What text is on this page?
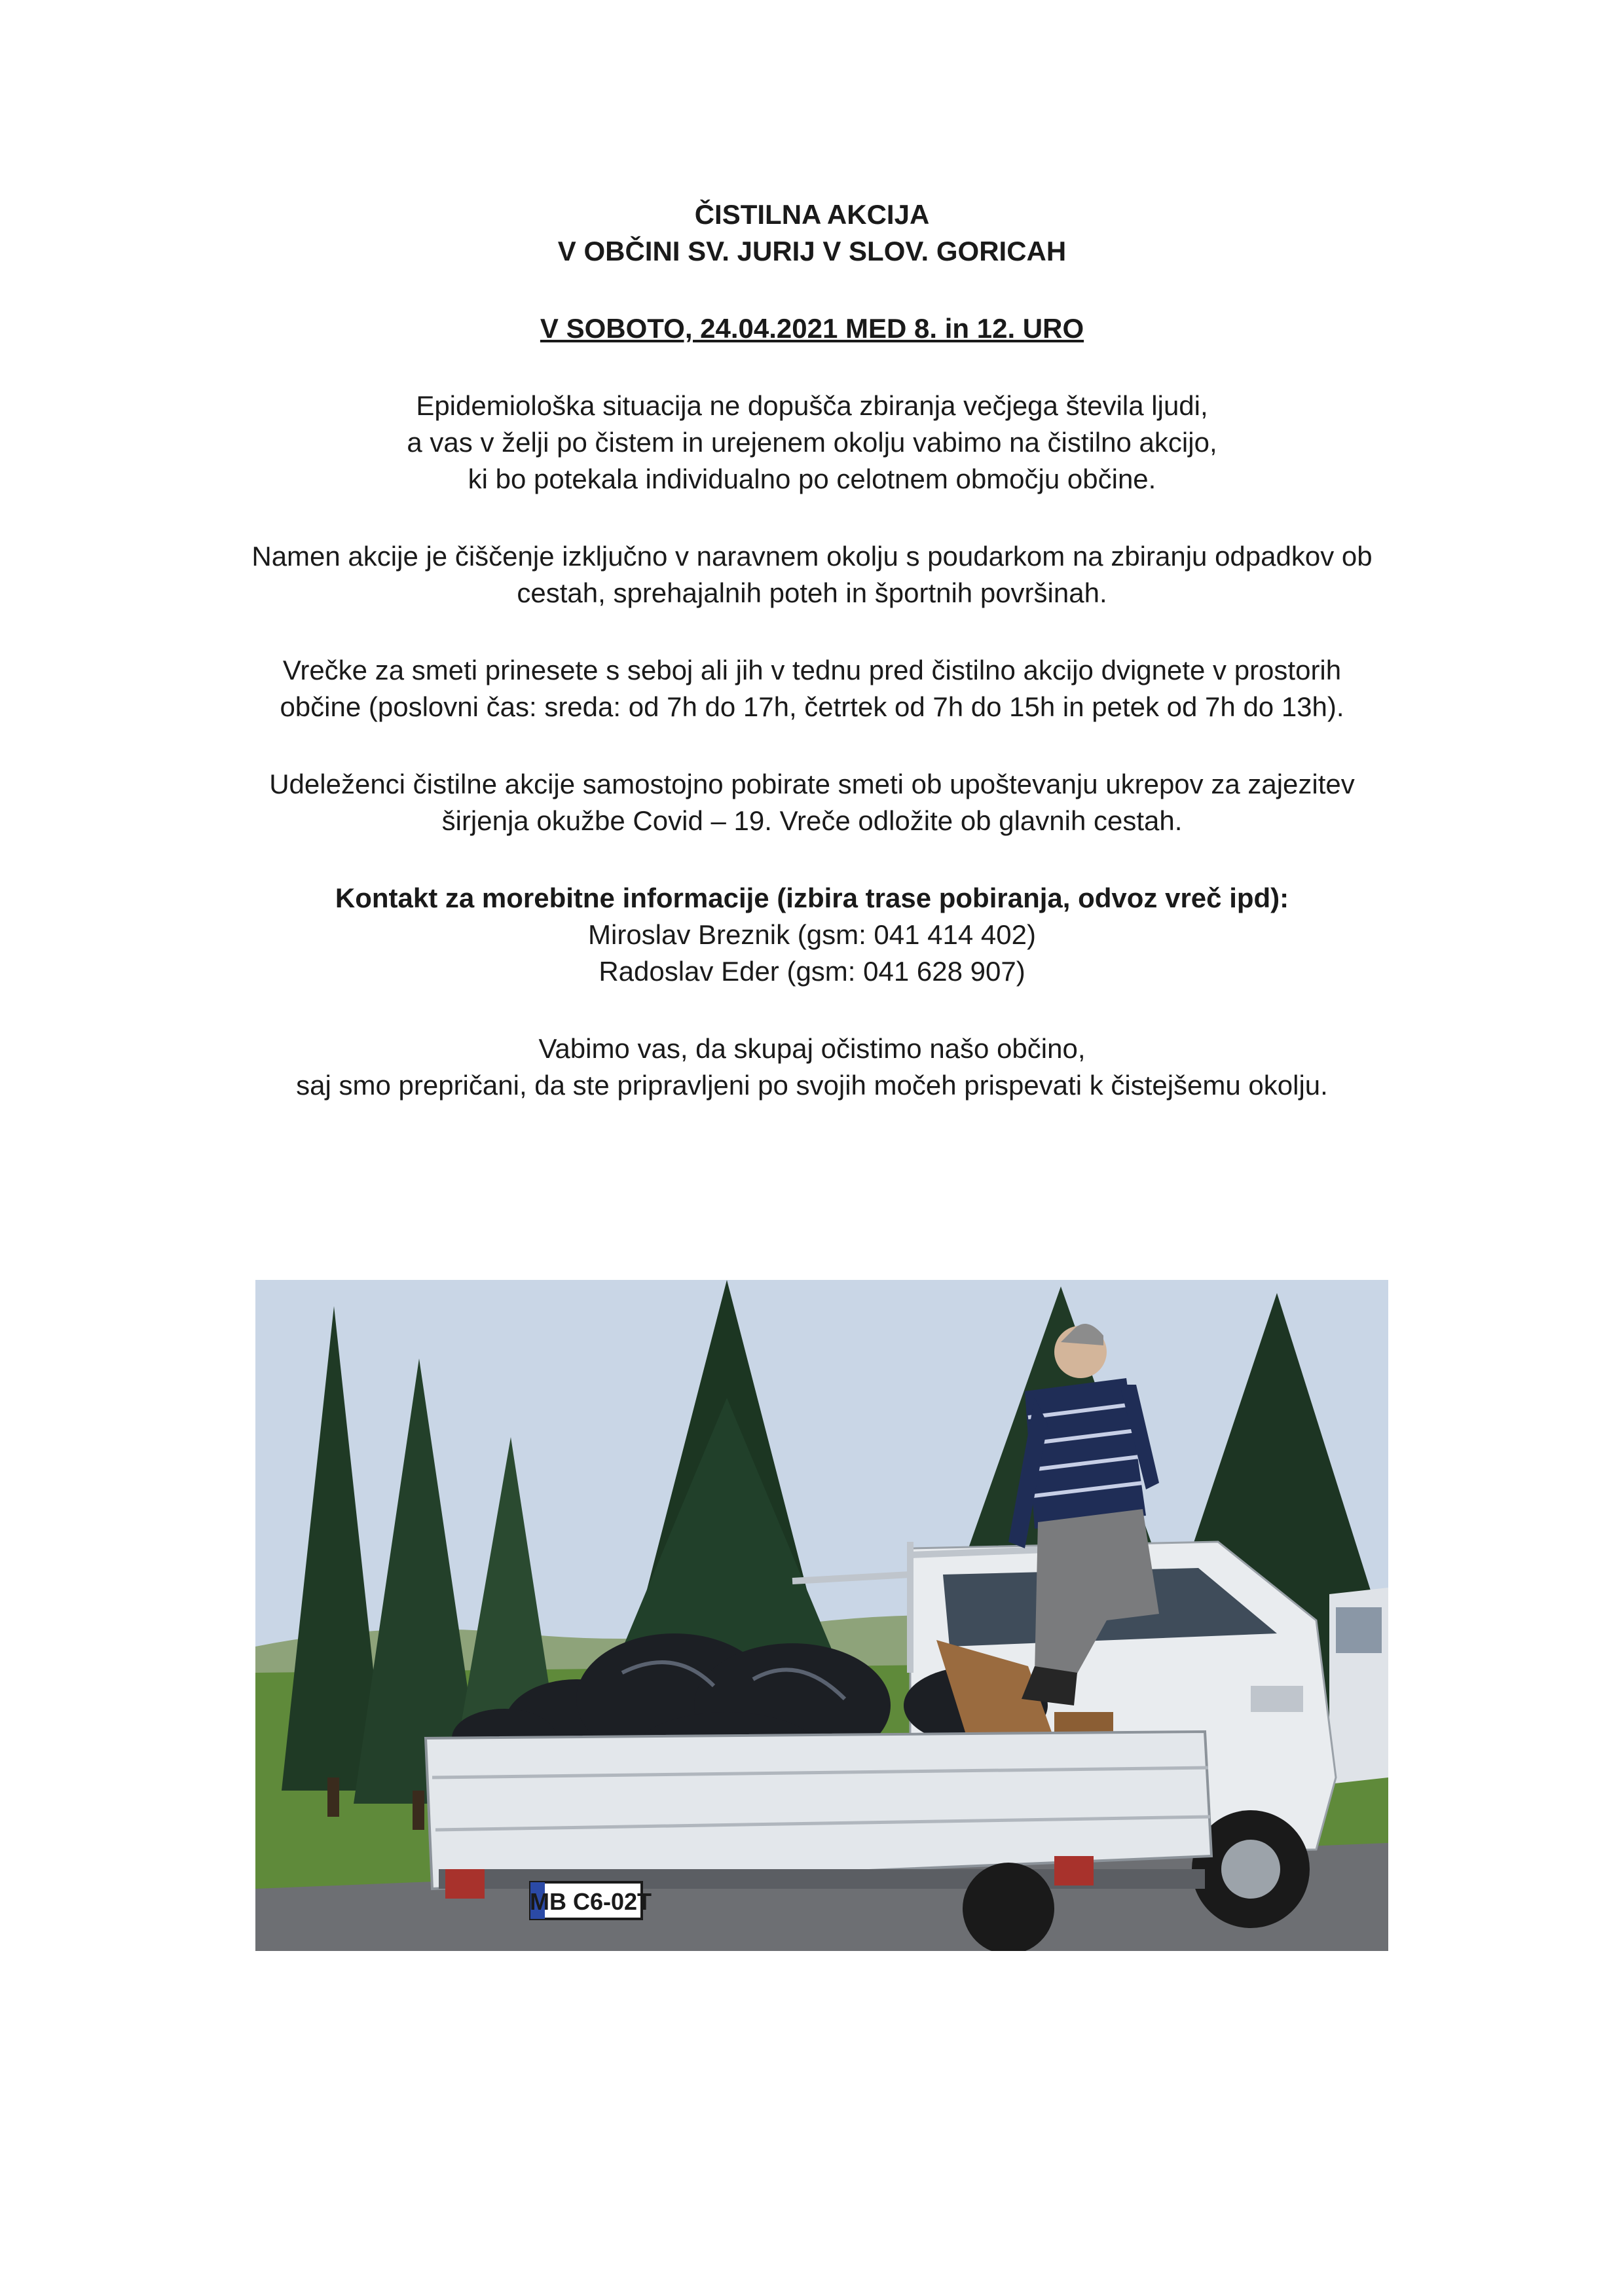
ČISTILNA AKCIJA

V OBČINI SV. JURIJ V SLOV. GORICAH

V SOBOTO, 24.04.2021 MED 8. in 12. URO
Epidemiološka situacija ne dopušča zbiranja večjega števila ljudi,
a vas v želji po čistem in urejenem okolju vabimo na čistilno akcijo,
ki bo potekala individualno po celotnem območju občine.
Namen akcije je čiščenje izključno v naravnem okolju s poudarkom na zbiranju odpadkov ob
cestah, sprehajalnih poteh in športnih površinah.
Vrečke za smeti prinesete s seboj ali jih v tednu pred čistilno akcijo dvignete v prostorih
občine (poslovni čas: sreda: od 7h do 17h, četrtek od 7h do 15h in petek od 7h do 13h).
Udeleženci čistilne akcije samostojno pobirate smeti ob upoštevanju ukrepov za zajezitev
širjenja okužbe Covid – 19. Vreče odložite ob glavnih cestah.
Kontakt za morebitne informacije (izbira trase pobiranja, odvoz vreč ipd):
Miroslav Breznik (gsm: 041 414 402)
Radoslav Eder (gsm: 041 628 907)
Vabimo vas, da skupaj očistimo našo občino,
saj smo prepričani, da ste pripravljeni po svojih močeh prispevati k čistejšemu okolju.
MB C6-02T
